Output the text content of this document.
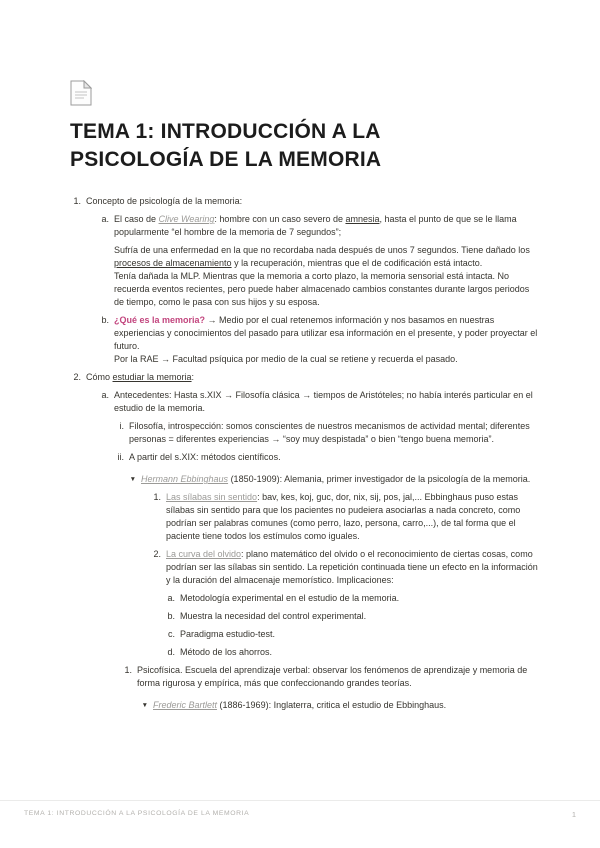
TEMA 1: INTRODUCCIÓN A LA PSICOLOGÍA DE LA MEMORIA
1. Concepto de psicología de la memoria:
a. El caso de Clive Wearing: hombre con un caso severo de amnesia, hasta el punto de que se le llama popularmente “el hombre de la memoria de 7 segundos”;
Sufría de una enfermedad en la que no recordaba nada después de unos 7 segundos. Tiene dañado los procesos de almacenamiento y la recuperación, mientras que el de codificación está intacto.
Tenía dañada la MLP. Mientras que la memoria a corto plazo, la memoria sensorial está intacta. No recuerda eventos recientes, pero puede haber almacenado cambios constantes durante largos periodos de tiempo, como le pasa con sus hijos y su esposa.
b. ¿Qué es la memoria? → Medio por el cual retenemos información y nos basamos en nuestras experiencias y conocimientos del pasado para utilizar esa información en el presente, y poder proyectar el futuro.
Por la RAE → Facultad psíquica por medio de la cual se retiene y recuerda el pasado.
2. Cómo estudiar la memoria:
a. Antecedentes: Hasta s.XIX → Filosofía clásica → tiempos de Aristóteles; no había interés particular en el estudio de la memoria.
i. Filosofía, introspección: somos conscientes de nuestros mecanismos de actividad mental; diferentes personas = diferentes experiencias → “soy muy despistada” o bien “tengo buena memoria”.
ii. A partir del s.XIX: métodos científicos.
▼ Hermann Ebbinghaus (1850-1909): Alemania, primer investigador de la psicología de la memoria.
1. Las sílabas sin sentido: bav, kes, koj, guc, dor, nix, sij, pos, jal,... Ebbinghaus puso estas sílabas sin sentido para que los pacientes no pudeiera asociarlas a nada concreto, como podrían ser palabras comunes (como perro, lazo, persona, carro,...), de tal forma que el paciente tiene todos los estímulos como iguales.
2. La curva del olvido: plano matemático del olvido o el reconocimiento de ciertas cosas, como podrían ser las sílabas sin sentido. La repetición continuada tiene un efecto en la información y la duración del almacenaje memorístico. Implicaciones:
a. Metodología experimental en el estudio de la memoria.
b. Muestra la necesidad del control experimental.
c. Paradigma estudio-test.
d. Método de los ahorros.
1. Psicofísica. Escuela del aprendizaje verbal: observar los fenómenos de aprendizaje y memoria de forma rigurosa y empírica, más que confeccionando grandes teorías.
▼ Frederic Bartlett (1886-1969): Inglaterra, critica el estudio de Ebbinghaus.
TEMA 1: INTRODUCCIÓN A LA PSICOLOGÍA DE LA MEMORIA	1
